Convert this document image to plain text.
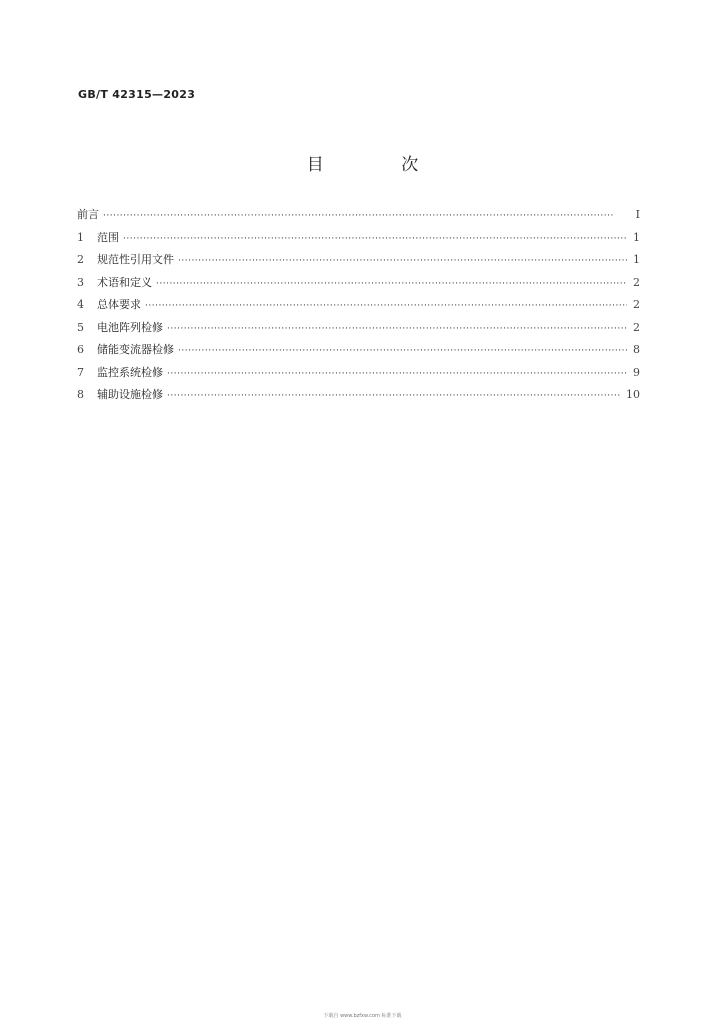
GB/T 42315—2023
目 次
前言 ·····	Ⅰ
1	范围 ·····	1
2	规范性引用文件 ·····	1
3	术语和定义 ·····	2
4	总体要求 ·····	2
5	电池阵列检修 ·····	2
6	储能变流器检修 ·····	8
7	监控系统检修 ·····	9
8	辅助设施检修 ·····	10
下载自 www.bzfxw.com 标准下载
